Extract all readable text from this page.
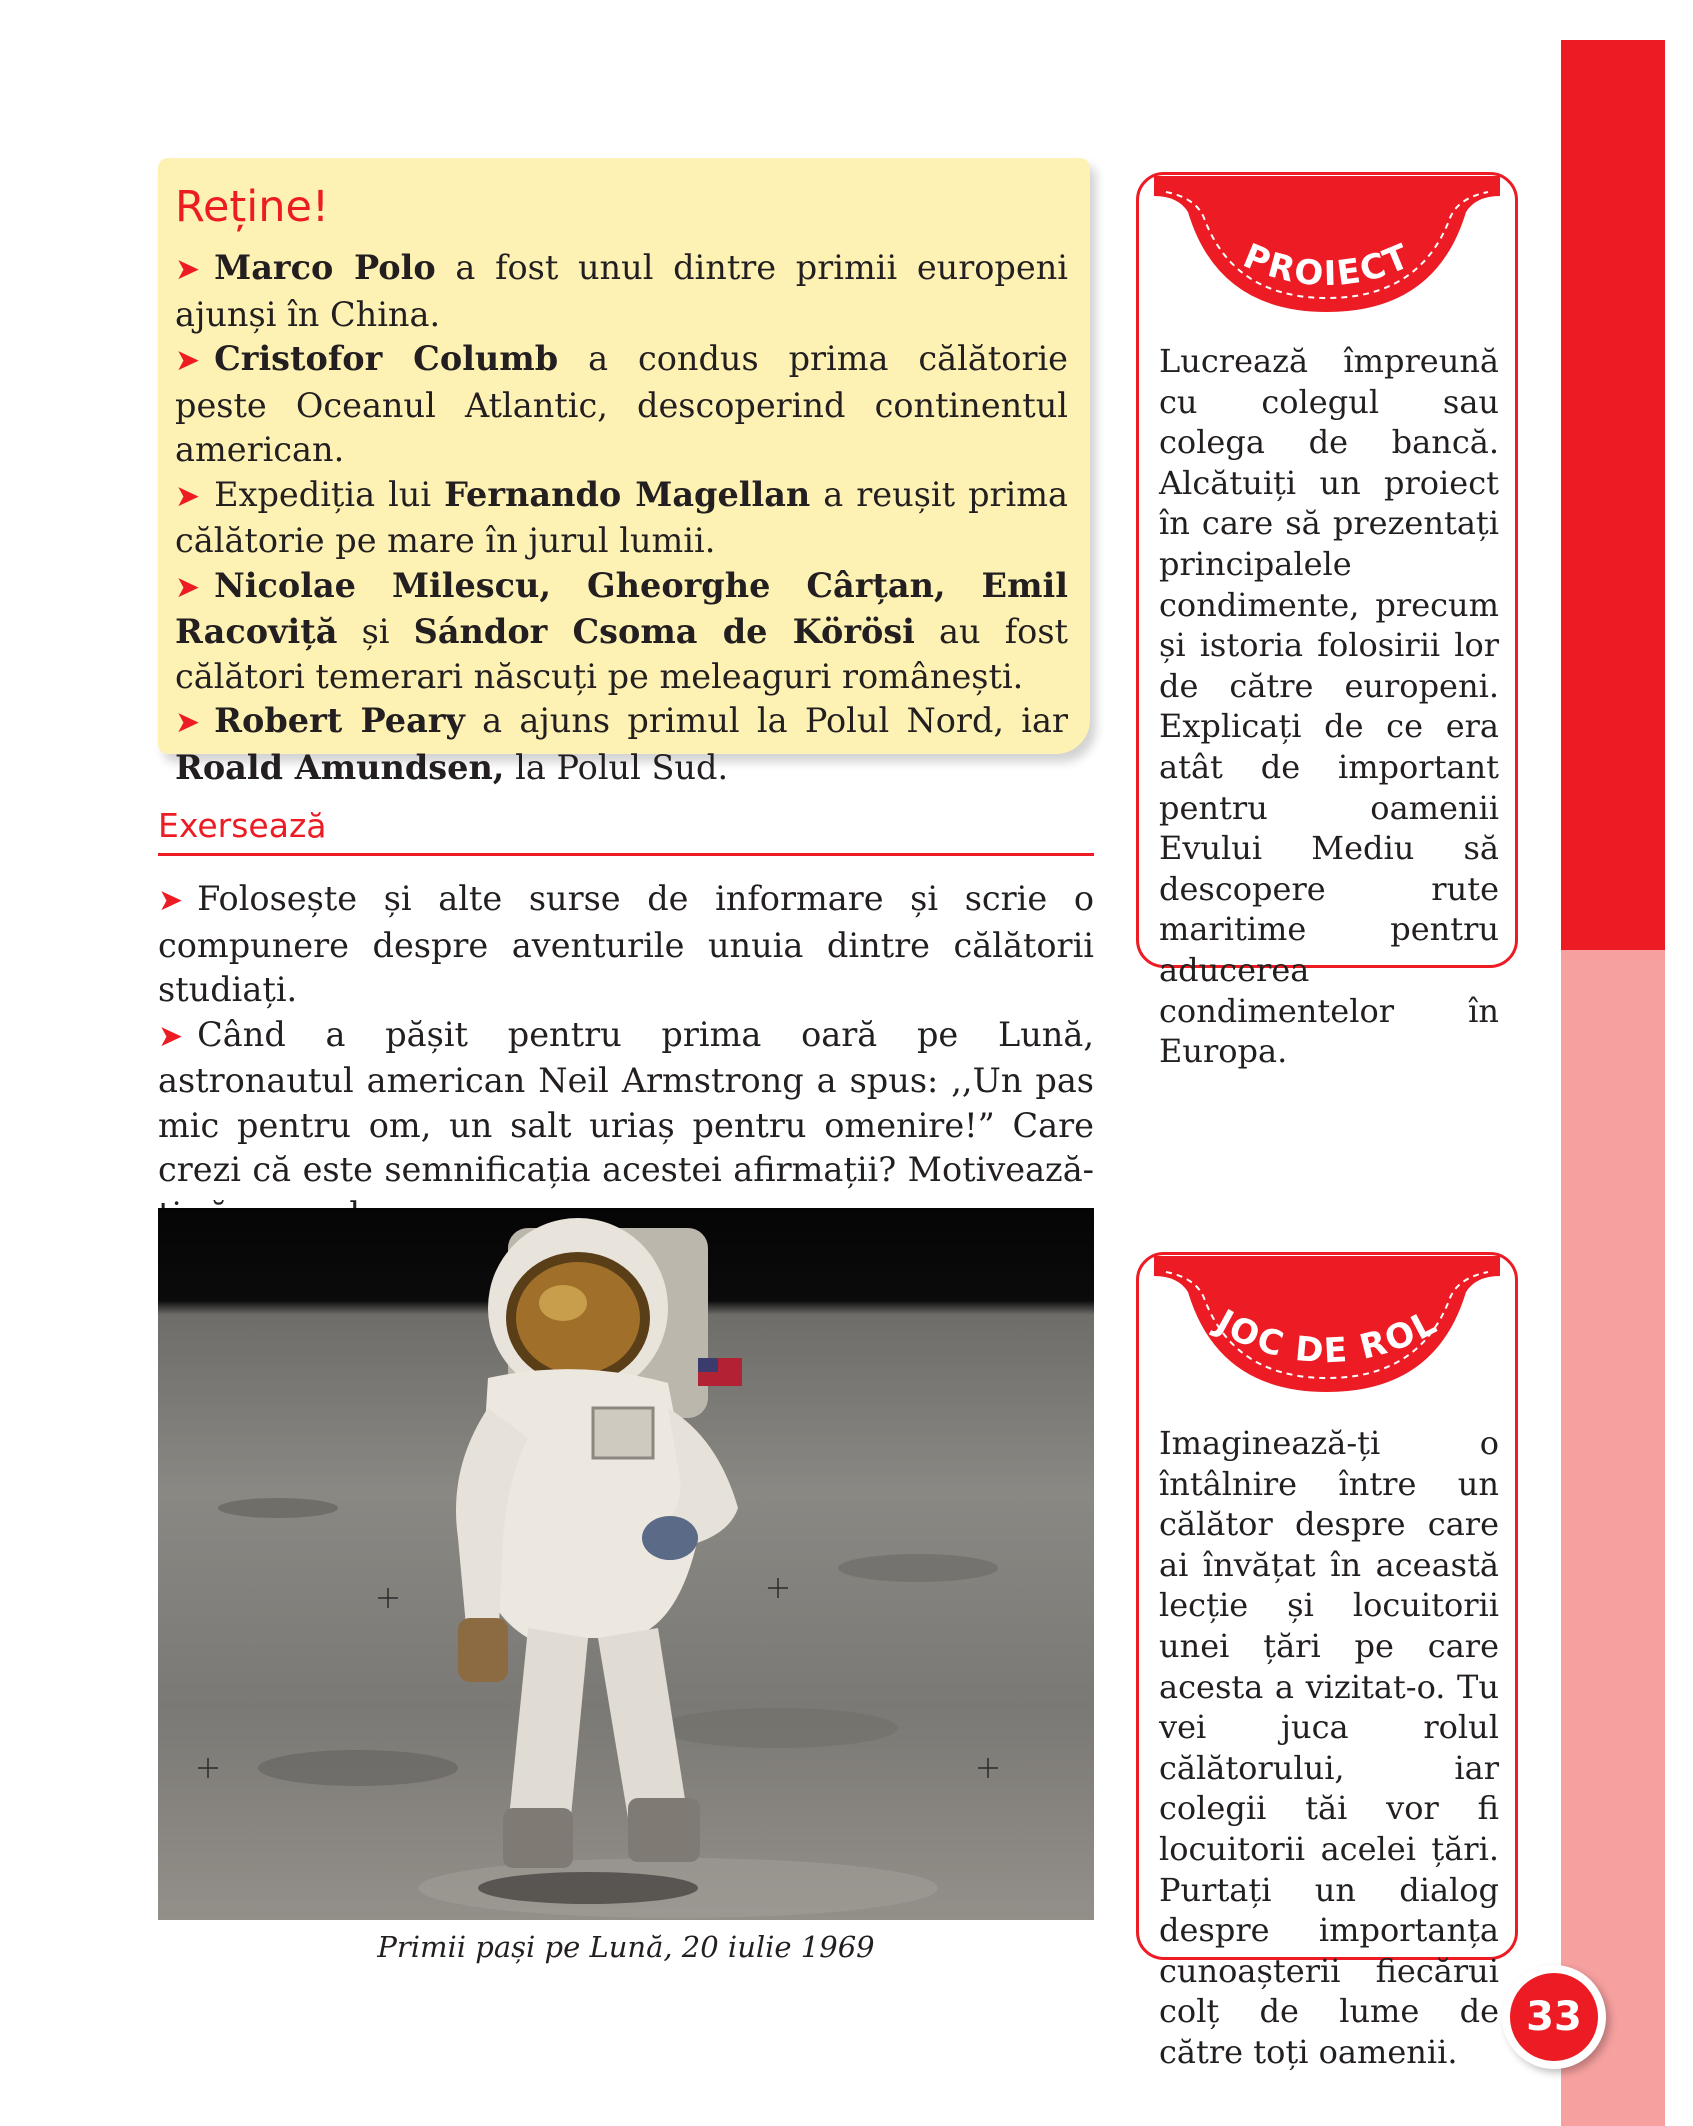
33
Reține!

➤ Marco Polo a fost unul dintre primii europeni ajunși în China.

➤ Cristofor Columb a condus prima călătorie peste Oceanul Atlantic, descoperind continentul american.

➤ Expediția lui Fernando Magellan a reușit prima călătorie pe mare în jurul lumii.

➤ Nicolae Milescu, Gheorghe Cârțan, Emil Racoviță și Sándor Csoma de Körösi au fost călători temerari născuți pe meleaguri românești.

➤ Robert Peary a ajuns primul la Polul Nord, iar Roald Amundsen, la Polul Sud.

Exersează

➤ Folosește și alte surse de informare și scrie o compunere despre aventurile unuia dintre călătorii studiați.

➤ Când a pășit pentru prima oară pe Lună, astronautul american Neil Armstrong a spus: ,,Un pas mic pentru om, un salt uriaș pentru omenire!” Care crezi că este semnificația acestei afirmații? Motivează-

Primii pași pe Lună, 20 iulie 1969
PROIECT
Lucrează împreună cu colegul sau colega de bancă. Alcătuiți un proiect în care să prezentați principalele condimente, precum și istoria folosirii lor de către europeni. Explicați de ce era atât de important pentru oamenii Evului Mediu să descopere rute maritime pentru aducerea condimentelor în Europa.
JOC DE ROL
Imaginează-ți o întâlnire între un călător despre care ai învățat în această lecție și locuitorii unei țări pe care acesta a vizitat-o. Tu vei juca rolul călătorului, iar colegii tăi vor fi locuitorii acelei țări. Purtați un dialog despre importanța cunoașterii fiecărui colț de lume de către toți oamenii.
